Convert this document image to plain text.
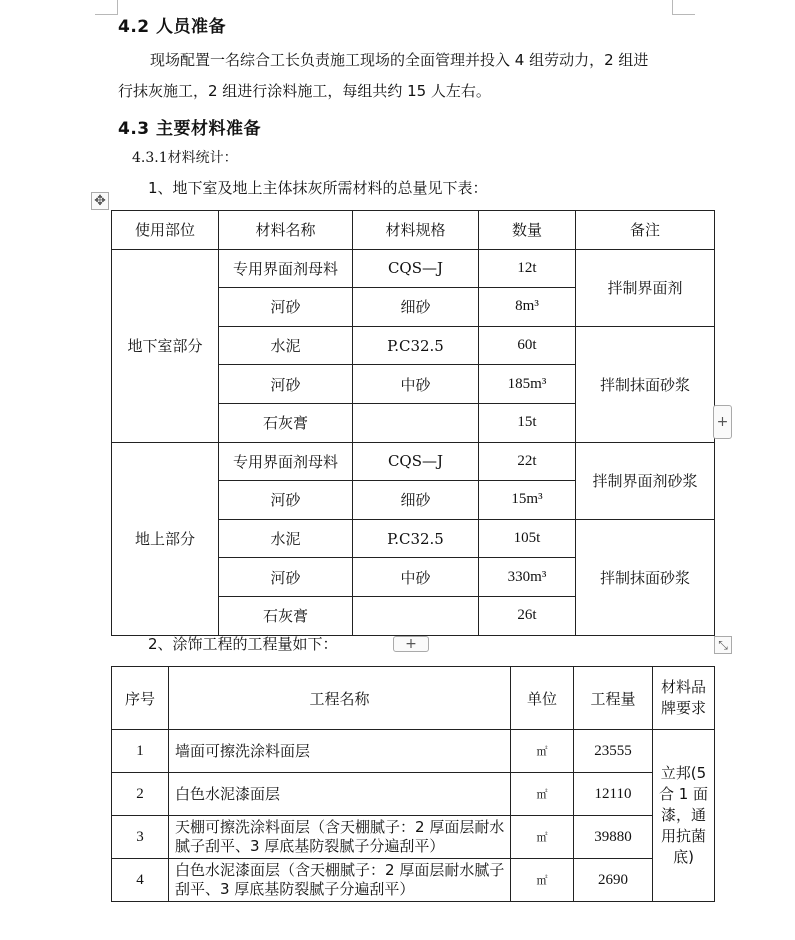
4.2 人员准备
现场配置一名综合工长负责施工现场的全面管理并投入 4 组劳动力，2 组进
行抹灰施工，2 组进行涂料施工，每组共约 15 人左右。
4.3 主要材料准备
4.3.1材料统计：
1、地下室及地上主体抹灰所需材料的总量见下表：
✥
使用部位	材料名称	材料规格	数量	备注
地下室部分	专用界面剂母料	CQS—J	12t	拌制界面剂
	河砂	细砂	8m³	
	水泥	P.C32.5	60t	拌制抹面砂浆
	河砂	中砂	185m³	
	石灰膏		15t	
地上部分	专用界面剂母料	CQS—J	22t	拌制界面剂砂浆
	河砂	细砂	15m³	
	水泥	P.C32.5	105t	拌制抹面砂浆
	河砂	中砂	330m³	
	石灰膏		26t	
+
2、涂饰工程的工程量如下：	+	⤡
序号	工程名称	单位	工程量	材料品牌要求
1	墙面可擦洗涂料面层	㎡	23555	立邦(5 合 1 面漆，通用抗菌底)
2	白色水泥漆面层	㎡	12110	
3	天棚可擦洗涂料面层（含天棚腻子：2 厚面层耐水腻子刮平、3 厚底基防裂腻子分遍刮平）	㎡	39880	
4	白色水泥漆面层（含天棚腻子：2 厚面层耐水腻子刮平、3 厚底基防裂腻子分遍刮平）	㎡	2690	
